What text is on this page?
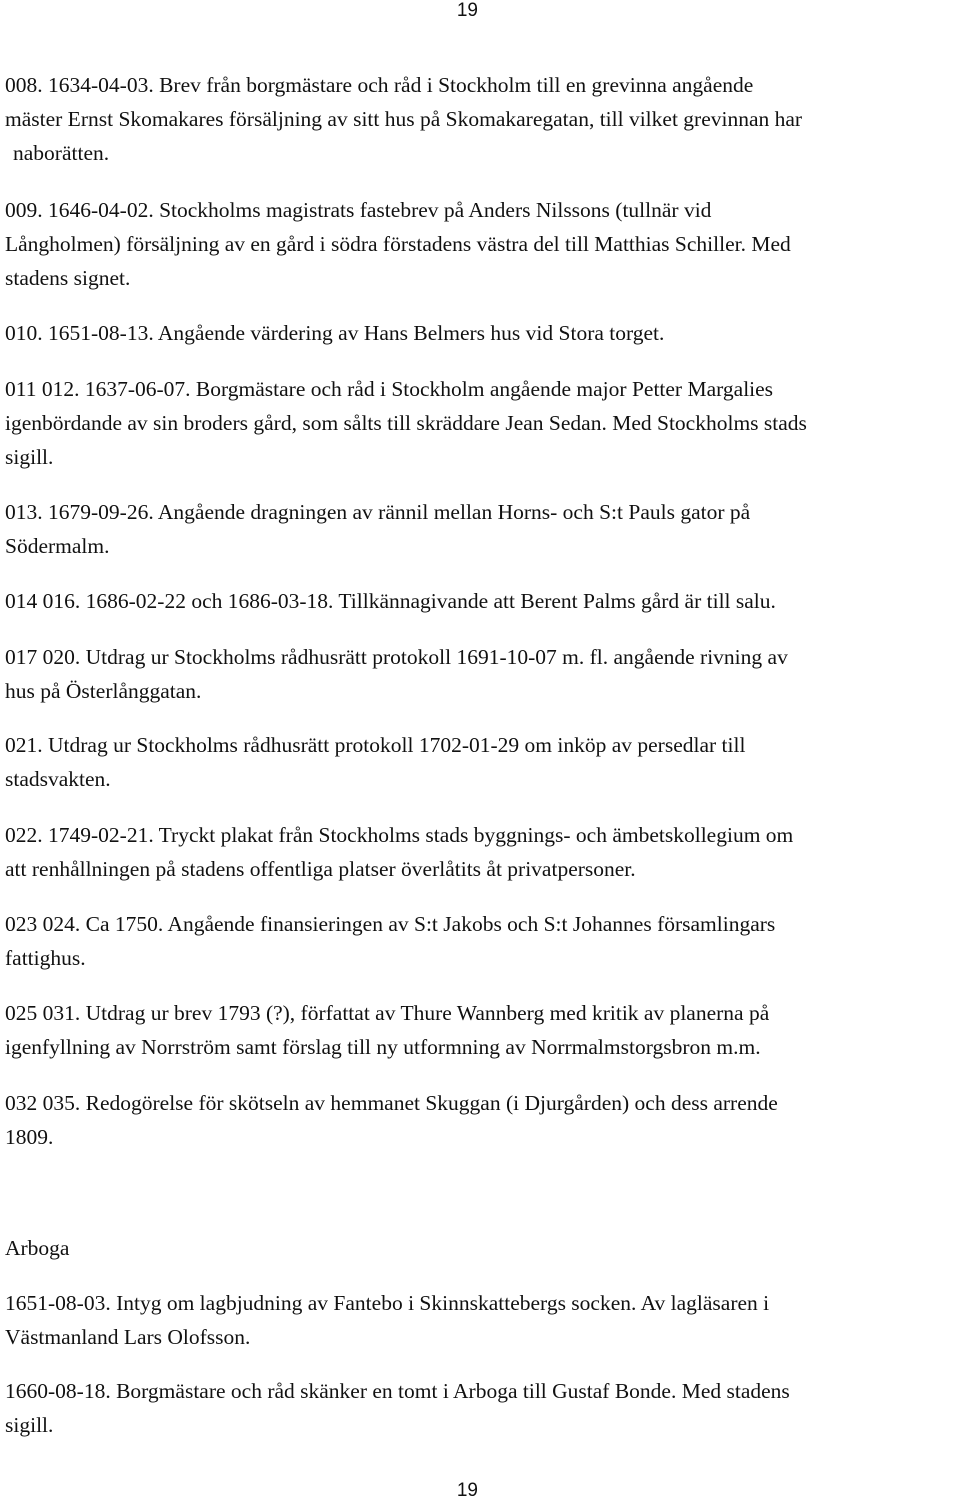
19
008. 1634-04-03. Brev från borgmästare och råd i Stockholm till en grevinna angående
mäster Ernst Skomakares försäljning av sitt hus på Skomakaregatan, till vilket grevinnan har
naborätten.
009. 1646-04-02. Stockholms magistrats fastebrev på Anders Nilssons (tullnär vid
Långholmen) försäljning av en gård i södra förstadens västra del till Matthias Schiller. Med
stadens signet.
010. 1651-08-13. Angående värdering av Hans Belmers hus vid Stora torget.
011 012. 1637-06-07. Borgmästare och råd i Stockholm angående major Petter Margalies
igenbördande av sin broders gård, som sålts till skräddare Jean Sedan. Med Stockholms stads
sigill.
013. 1679-09-26. Angående dragningen av rännil mellan Horns- och S:t Pauls gator på
Södermalm.
014 016. 1686-02-22 och 1686-03-18. Tillkännagivande att Berent Palms gård är till salu.
017 020. Utdrag ur Stockholms rådhusrätt protokoll 1691-10-07 m. fl. angående rivning av
hus på Österlånggatan.
021. Utdrag ur Stockholms rådhusrätt protokoll 1702-01-29 om inköp av persedlar till
stadsvakten.
022. 1749-02-21. Tryckt plakat från Stockholms stads byggnings- och ämbetskollegium om
att renhållningen på stadens offentliga platser överlåtits åt privatpersoner.
023 024. Ca 1750. Angående finansieringen av S:t Jakobs och S:t Johannes församlingars
fattighus.
025 031. Utdrag ur brev 1793 (?), författat av Thure Wannberg med kritik av planerna på
igenfyllning av Norrström samt förslag till ny utformning av Norrmalmstorgsbron m.m.
032 035. Redogörelse för skötseln av hemmanet Skuggan (i Djurgården) och dess arrende
1809.
Arboga
1651-08-03. Intyg om lagbjudning av Fantebo i Skinnskattebergs socken. Av lagläsaren i
Västmanland Lars Olofsson.
1660-08-18. Borgmästare och råd skänker en tomt i Arboga till Gustaf Bonde. Med stadens
sigill.
19
